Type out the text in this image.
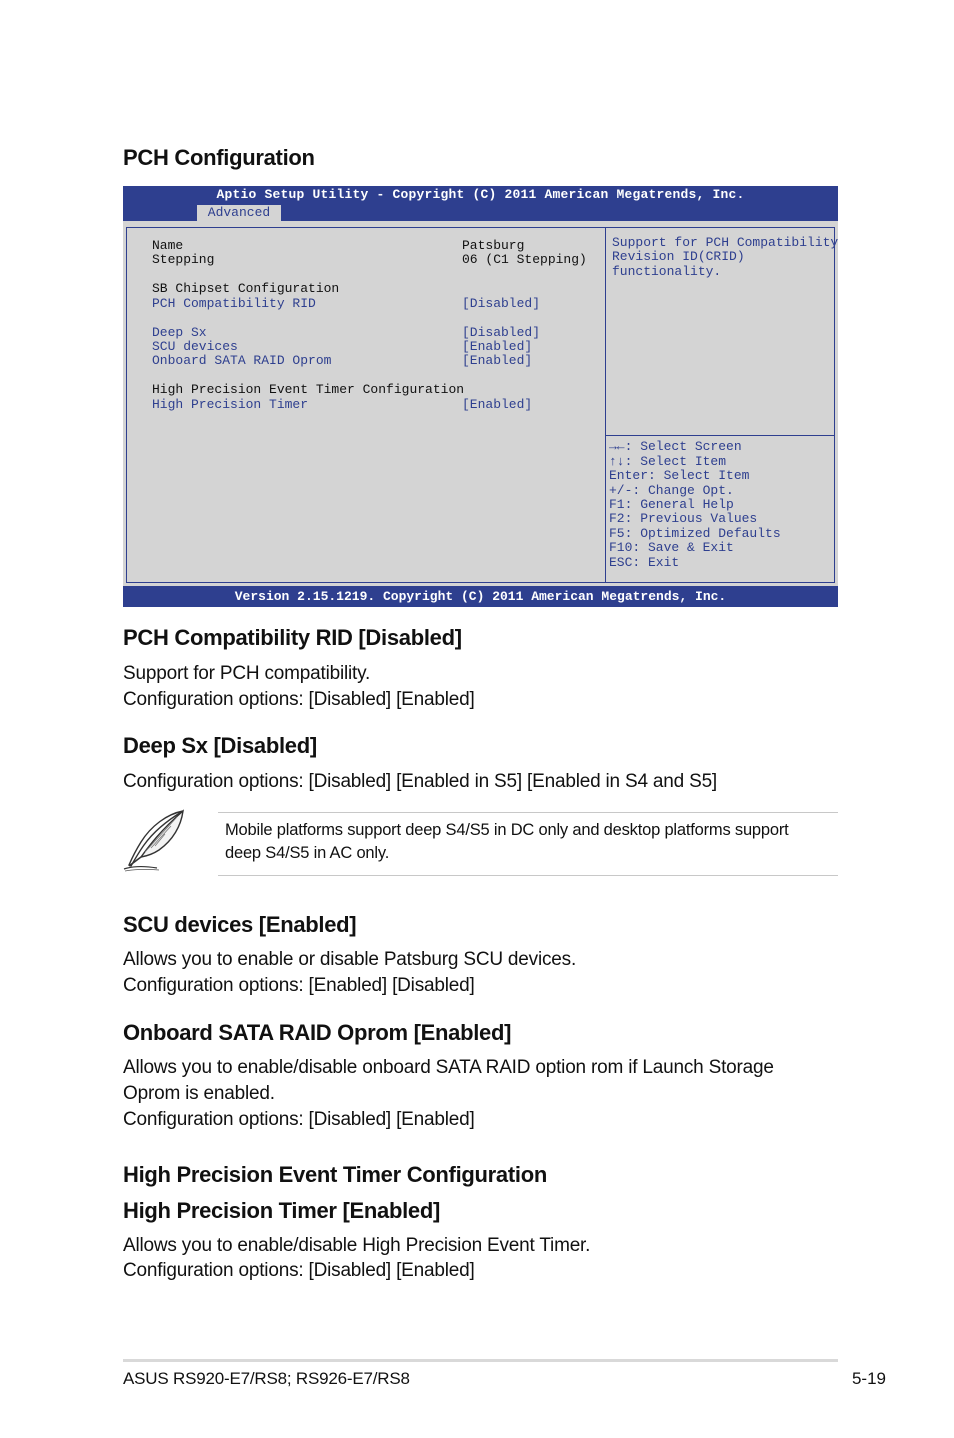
PCH Configuration
Aptio Setup Utility - Copyright (C) 2011 American Megatrends, Inc.
Advanced
Name	Patsburg
Stepping	06 (C1 Stepping)
SB Chipset Configuration
PCH Compatibility RID	[Disabled]
Deep Sx	[Disabled]
SCU devices	[Enabled]
Onboard SATA RAID Oprom	[Enabled]
High Precision Event Timer Configuration
High Precision Timer	[Enabled]
Support for PCH Compatibility
Revision ID(CRID)
functionality.
→←: Select Screen
↑↓: Select Item
Enter: Select Item
+/-: Change Opt.
F1: General Help
F2: Previous Values
F5: Optimized Defaults
F10: Save & Exit
ESC: Exit
Version 2.15.1219. Copyright (C) 2011 American Megatrends, Inc.
PCH Compatibility RID [Disabled]
Support for PCH compatibility.
Configuration options: [Disabled] [Enabled]
Deep Sx [Disabled]
Configuration options: [Disabled] [Enabled in S5] [Enabled in S4 and S5]
Mobile platforms support deep S4/S5 in DC only and desktop platforms support
deep S4/S5 in AC only.
SCU devices [Enabled]
Allows you to enable or disable Patsburg SCU devices.
Configuration options: [Enabled] [Disabled]
Onboard SATA RAID Oprom [Enabled]
Allows you to enable/disable onboard SATA RAID option rom if Launch Storage
Oprom is enabled.
Configuration options: [Disabled] [Enabled]
High Precision Event Timer Configuration
High Precision Timer [Enabled]
Allows you to enable/disable High Precision Event Timer.
Configuration options: [Disabled] [Enabled]
ASUS RS920-E7/RS8; RS926-E7/RS8	5-19
